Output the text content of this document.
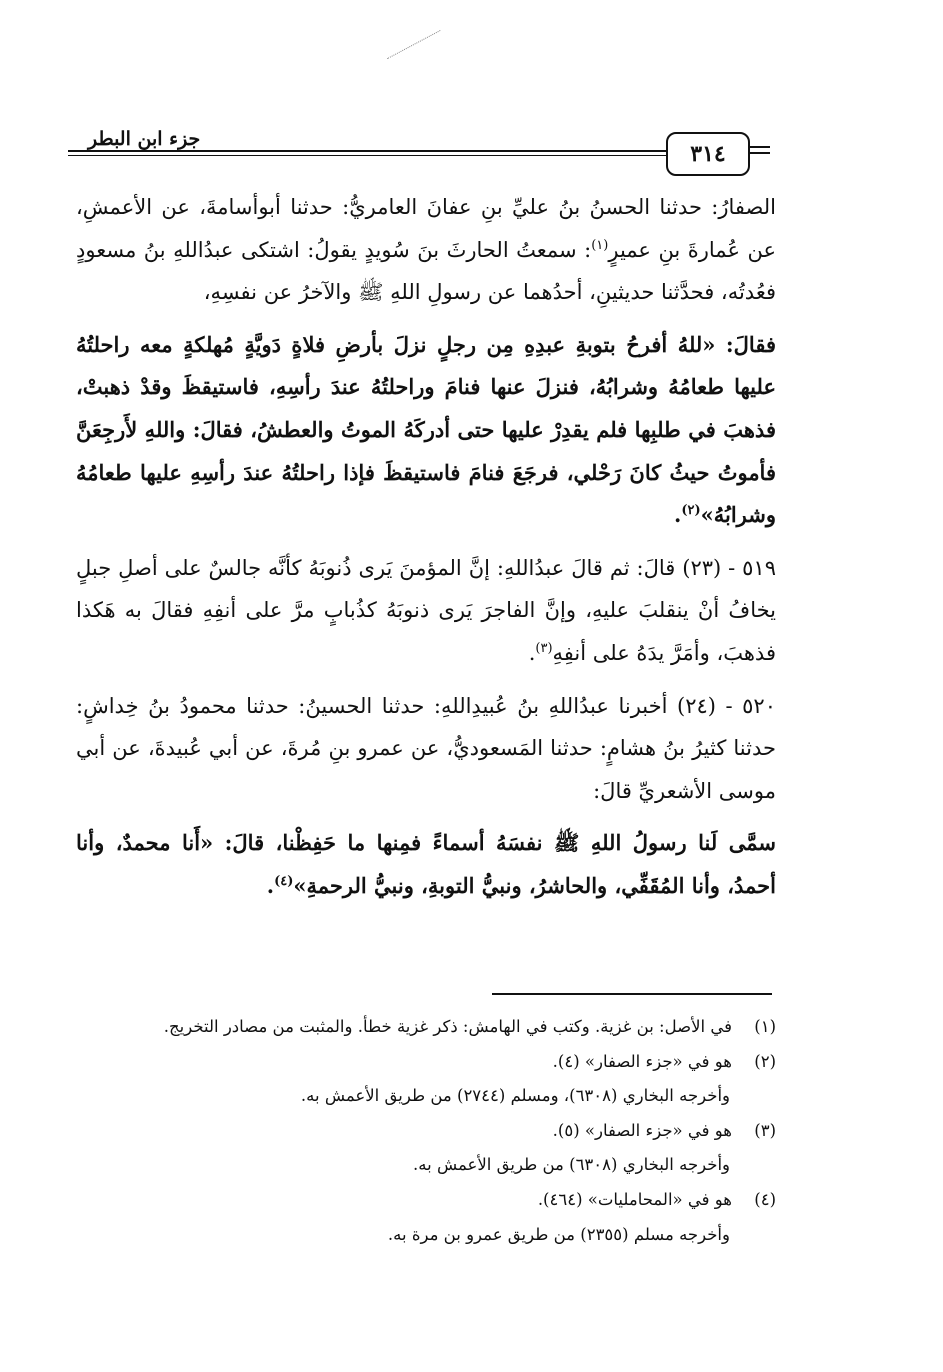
جزء ابن البطر
٣١٤

الصفارُ: حدثنا الحسنُ بنُ عليِّ بنِ عفانَ العامريُّ: حدثنا أبوأسامةَ، عن الأعمشِ، عن عُمارةَ بنِ عميرٍ$^{(١)}$: سمعتُ الحارثَ بنَ سُويدٍ يقولُ: اشتكى عبدُاللهِ بنُ مسعودٍ فعُدتُه، فحدَّثنا حديثينِ، أحدُهما عن رسولِ اللهِ ﷺ والآخرُ عن نفسِهِ،

فقالَ: «للهُ أفرحُ بتوبةِ عبدِهِ مِن رجلٍ نزلَ بأرضِ فلاةٍ دَويَّةٍ مُهلكةٍ معه راحلتُهُ عليها طعامُهُ وشرابُهُ، فنزلَ عنها فنامَ وراحلتُهُ عندَ رأسِهِ، فاستيقظَ وقدْ ذهبتْ، فذهبَ في طلبِها فلم يقدِرْ عليها حتى أدركَهُ الموتُ والعطشُ، فقالَ: واللهِ لأَرجِعَنَّ فأموتُ حيثُ كانَ رَحْلي، فرجَعَ فنامَ فاستيقظَ فإذا راحلتُهُ عندَ رأسِهِ عليها طعامُهُ وشرابُهُ»$^{(٢)}$.

٥١٩ - (٢٣) قالَ: ثم قالَ عبدُاللهِ: إنَّ المؤمنَ يَرى ذُنوبَهُ كأنَّه جالسٌ على أصلِ جبلٍ يخافُ أنْ ينقلبَ عليهِ، وإنَّ الفاجرَ يَرى ذنوبَهُ كذُبابٍ مرَّ على أنفِهِ فقالَ به هَكذا فذهبَ، وأمَرَّ يدَهُ على أنفِهِ$^{(٣)}$.

٥٢٠ - (٢٤) أخبرنا عبدُاللهِ بنُ عُبيدِاللهِ: حدثنا الحسينُ: حدثنا محمودُ بنُ خِداشٍ: حدثنا كثيرُ بنُ هشامٍ: حدثنا المَسعوديُّ، عن عمرو بنِ مُرةَ، عن أبي عُبيدةَ، عن أبي موسى الأشعريِّ قالَ:

سمَّى لَنا رسولُ اللهِ ﷺ نفسَهُ أسماءً فمِنها ما حَفِظْنا، قالَ: «أَنا محمدٌ، وأنا أحمدُ، وأنا المُقَفِّي، والحاشرُ، ونبيُّ التوبةِ، ونبيُّ الرحمةِ»$^{(٤)}$.

(١)في الأصل: بن غزية. وكتب في الهامش: ذكر غزية خطأ. والمثبت من مصادر التخريج.
(٢)هو في «جزء الصفار» (٤).
وأخرجه البخاري (٦٣٠٨)، ومسلم (٢٧٤٤) من طريق الأعمش به.
(٣)هو في «جزء الصفار» (٥).
وأخرجه البخاري (٦٣٠٨) من طريق الأعمش به.
(٤)هو في «المحامليات» (٤٦٤).
وأخرجه مسلم (٢٣٥٥) من طريق عمرو بن مرة به.
